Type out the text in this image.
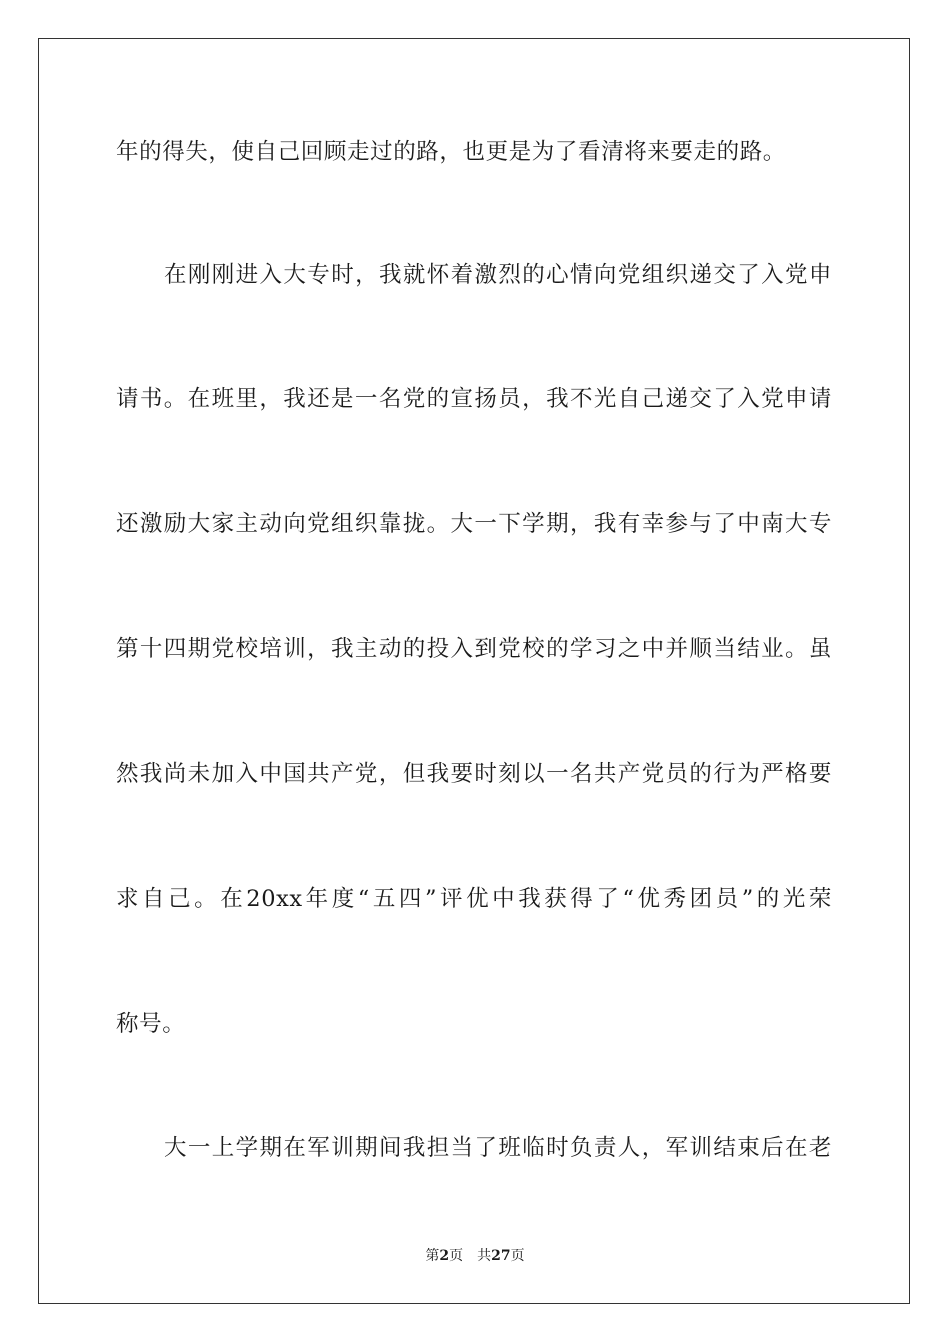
年的得失，使自己回顾走过的路，也更是为了看清将来要走的路。
在刚刚进入大专时，我就怀着激烈的心情向党组织递交了入党申
请书。在班里，我还是一名党的宣扬员，我不光自己递交了入党申请
还激励大家主动向党组织靠拢。大一下学期，我有幸参与了中南大专
第十四期党校培训，我主动的投入到党校的学习之中并顺当结业。虽
然我尚未加入中国共产党，但我要时刻以一名共产党员的行为严格要
求自己。在20xx年度“五四”评优中我获得了“优秀团员”的光荣
称号。
大一上学期在军训期间我担当了班临时负责人，军训结束后在老
第2页 共27页
